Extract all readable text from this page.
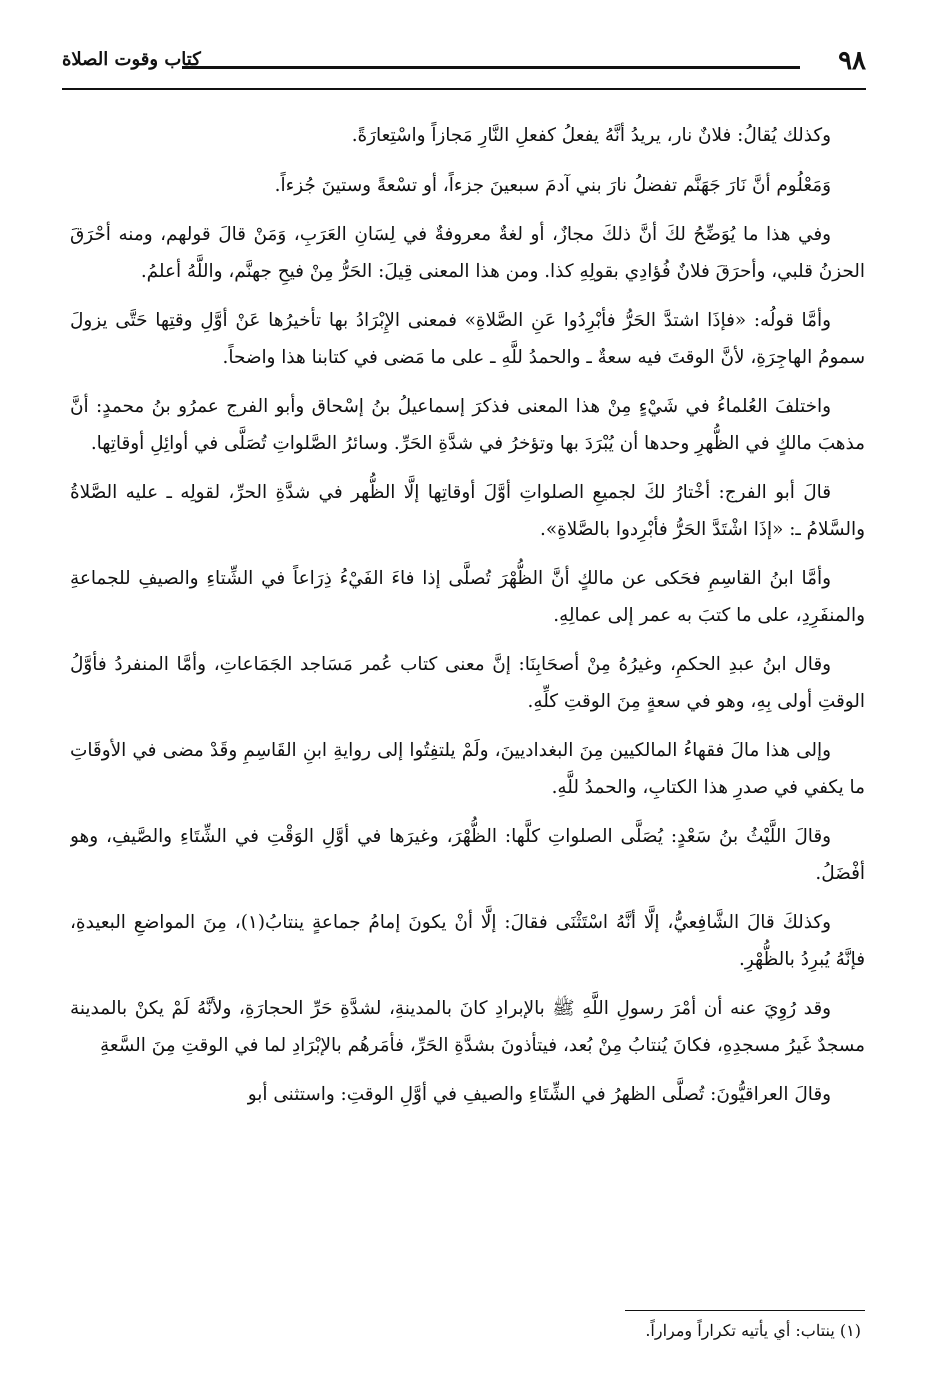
٩٨
كتاب وقوت الصلاة

وكذلك يُقالُ: فلانٌ نار، يريدُ أنَّهُ يفعلُ كفعلِ النَّارِ مَجازاً واسْتِعارَةً.

وَمَعْلُوم أنَّ نَارَ جَهَنَّم تفضلُ نارَ بني آدمَ سبعينَ جزءاً، أو تسْعةً وستينَ جُزءاً.

وفي هذا ما يُوَضِّحُ لكَ أنَّ ذلكَ مجازٌ، أو لغةٌ معروفةٌ في لِسَانِ العَرَبِ، وَمَنْ قالَ قولهم، ومنه أحْرَقَ الحزنُ قلبي، وأحرَقَ فلانٌ فُؤادِي بقولِهِ كذا. ومن هذا المعنى قِيلَ: الحَرُّ مِنْ فيحِ جهنَّم، واللَّهُ أعلمُ.

وأمَّا قولُه: «فإذَا اشتدَّ الحَرُّ فأبْرِدُوا عَنِ الصَّلاةِ» فمعنى الإِبْرَادُ بها تأخيرُها عَنْ أوَّلِ وقتِها حَتَّى يزولَ سمومُ الهاجِرَةِ، لأنَّ الوقتَ فيه سعةٌ ـ والحمدُ للَّهِ ـ على ما مَضى في كتابنا هذا واضحاً.

واختلفَ العُلماءُ في شَيْءٍ مِنْ هذا المعنى فذكرَ إسماعيلُ بنُ إسْحاق وأبو الفرج عمرُو بنُ محمدٍ: أنَّ مذهبَ مالكٍ في الظُّهرِ وحدها أن يُبْرَدَ بها وتؤخرُ في شدَّةِ الحَرِّ. وسائرُ الصَّلواتِ تُصَلَّى في أوائِلِ أوقاتِها.

قالَ أبو الفرج: أخْتارُ لكَ لجميعِ الصلواتِ أوَّلَ أوقاتِها إلَّا الظُّهر في شدَّةِ الحرِّ، لقولِه ـ عليه الصَّلاةُ والسَّلامُ ـ: «إذَا اشْتَدَّ الحَرُّ فأبْرِدوا بالصَّلاةِ».

وأمَّا ابنُ القاسِمِ فحَكى عن مالكٍ أنَّ الظُّهْرَ تُصلَّى إذا فاءَ الفَيْءُ ذِرَاعاً في الشِّتاءِ والصيفِ للجماعةِ والمنفَرِدِ، على ما كتبَ به عمر إلى عمالِهِ.

وقال ابنُ عبدِ الحكمِ، وغيرُهُ مِنْ أصحَابِنَا: إنَّ معنى كتاب عُمر مَسَاجد الجَمَاعاتِ، وأمَّا المنفردُ فأوَّلُ الوقتِ أولى بِهِ، وهو في سعةٍ مِنَ الوقتِ كلِّهِ.

وإلى هذا مالَ فقهاءُ المالكيين مِنَ البغداديينَ، ولَمْ يلتفِتُوا إلى روايةِ ابنِ القَاسِمِ وقَدْ مضى في الأوقَاتِ ما يكفي في صدرِ هذا الكتابِ، والحمدُ للَّهِ.

وقالَ اللَّيْثُ بنُ سَعْدٍ: يُصَلَّى الصلواتِ كلَّها: الظُّهْرَ، وغيرَها في أوَّلِ الوَقْتِ في الشِّتَاءِ والصَّيفِ، وهو أفْضَلُ.

وكذلكَ قالَ الشَّافِعيُّ، إلَّا أنَّهُ اسْتَثْنَى فقالَ: إلَّا أنْ يكونَ إمامُ جماعةٍ ينتابُ(١)، مِنَ المواضعِ البعيدةِ، فإنَّهُ يُبرِدُ بالظُّهْرِ.

وقد رُوِيَ عنه أن أمْرَ رسولِ اللَّهِ ﷺ بالإبرادِ كانَ بالمدينةِ، لشدَّةِ حَرِّ الحجارَةِ، ولأنَّهُ لَمْ يكنْ بالمدينة مسجدٌ غَيرُ مسجدِهِ، فكانَ يُنتابُ مِنْ بُعد، فيتأذونَ بشدَّةِ الحَرِّ، فأمَرهُم بالإبْرَادِ لما في الوقتِ مِنَ السَّعةِ

وقالَ العراقيُّونَ: تُصلَّى الظهرُ في الشِّتَاءِ والصيفِ في أوَّلِ الوقتِ: واستثنى أبو

(١) ينتاب: أي يأتيه تكراراً ومراراً.
